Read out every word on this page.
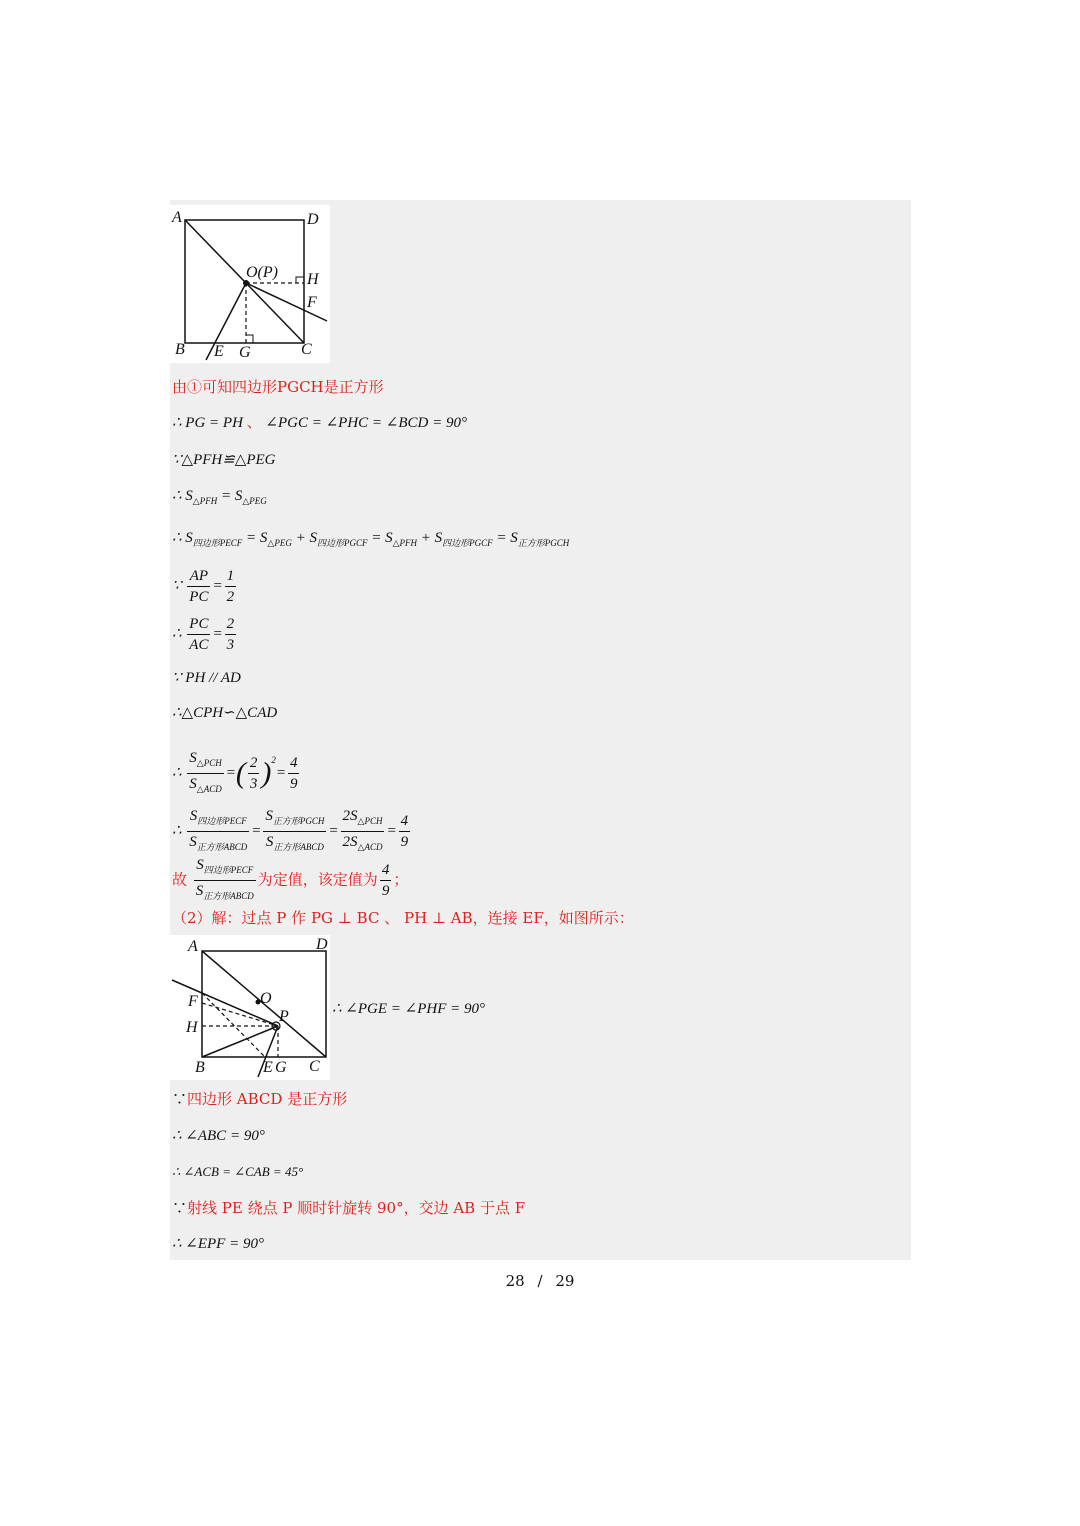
A	D
B	C
E G
H
F
O(P)
由①可知四边形PGCH是正方形
∴ PG = PH 、 ∠PGC = ∠PHC = ∠BCD = 90°
∵△PFH≌△PEG
∴ $S_{\triangle PFH} = S_{\triangle PEG}$
∴ $S_{四边形PECF} = S_{\triangle PEG} + S_{四边形PGCF} = S_{\triangle PFH} + S_{四边形PGCF} = S_{正方形PGCH}$
∵ $\frac{AP}{PC} = \frac{1}{2}$
∴ $\frac{PC}{AC} = \frac{2}{3}$
∵ PH // AD
∴△CPH∽△CAD
∴ $\frac{S_{\triangle PCH}}{S_{\triangle ACD}}$ =( $\frac{2}{3} )^2= \frac{4}{9}$
∴ $\frac{S_{四边形PECF}}{S_{正方形ABCD}} = \frac{S_{正方形PGCH}}{S_{正方形ABCD}} = \frac{2S_{\triangle PCH}}{2S_{\triangle ACD}} = \frac{4}{9}$
故 $\frac{S_{四边形PECF}}{S_{正方形ABCD}}$ 为定值，该定值为 $\frac{4}{9}$ ；
（2）解：过点 P 作 PG ⊥ BC 、 PH ⊥ AB，连接 EF，如图所示：
A	D
F
H
O
P
B	E G C
∴ ∠PGE = ∠PHF = 90°
∵四边形 ABCD 是正方形
∴ ∠ABC = 90°
∴ ∠ACB = ∠CAB = 45°
∵射线 PE 绕点 P 顺时针旋转 90°，交边 AB 于点 F
∴ ∠EPF = 90°
28 / 29
